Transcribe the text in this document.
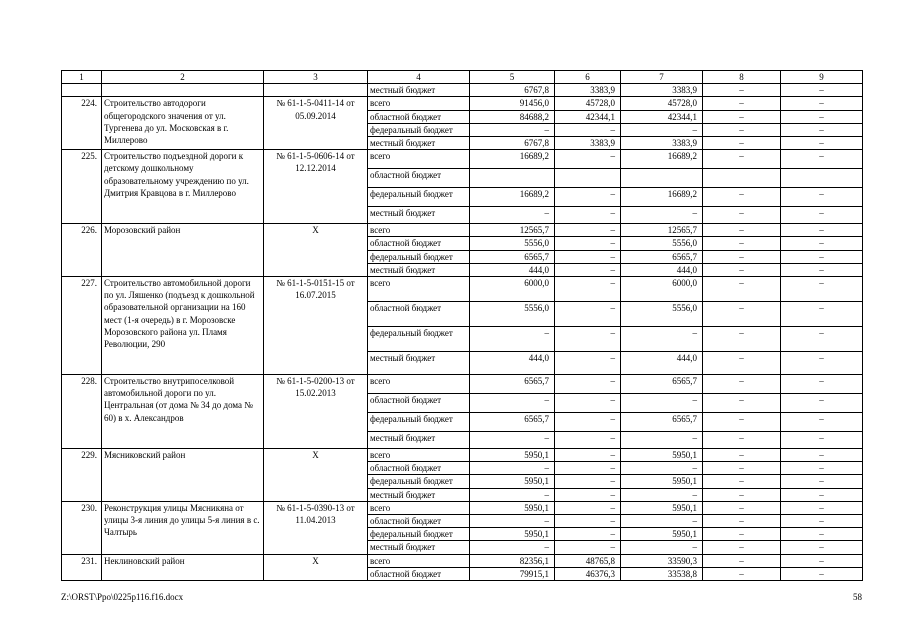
1	2	3	4	5	6	7	8	9
			местный бюджет	6767,8	3383,9	3383,9	–	–
224.	Строительство автодороги общегородского значения от ул. Тургенева до ул. Московская в г. Миллерово	№ 61-1-5-0411-14 от 05.09.2014	всего	91456,0	45728,0	45728,0	–	–
			областной бюджет	84688,2	42344,1	42344,1	–	–
			федеральный бюджет	–	–	–	–	–
			местный бюджет	6767,8	3383,9	3383,9	–	–
225.	Строительство подъездной дороги к детскому дошкольному образовательному учреждению по ул. Дмитрия Кравцова в г. Миллерово	№ 61-1-5-0606-14 от 12.12.2014	всего	16689,2	–	16689,2	–	–
			областной бюджет					
			федеральный бюджет	16689,2	–	16689,2	–	–
			местный бюджет	–	–	–	–	–
226.	Морозовский район	Х	всего	12565,7	–	12565,7	–	–
			областной бюджет	5556,0	–	5556,0	–	–
			федеральный бюджет	6565,7	–	6565,7	–	–
			местный бюджет	444,0	–	444,0	–	–
227.	Строительство автомобильной дороги по ул. Ляшенко (подъезд к дошкольной образовательной организации на 160 мест (1-я очередь) в г. Морозовске Морозовского района ул. Пламя Революции, 290	№ 61-1-5-0151-15 от 16.07.2015	всего	6000,0	–	6000,0	–	–
			областной бюджет	5556,0	–	5556,0	–	–
			федеральный бюджет	–	–	–	–	–
			местный бюджет	444,0	–	444,0	–	–
228.	Строительство внутрипоселковой автомобильной дороги по ул. Центральная (от дома № 34 до дома № 60) в х. Александров	№ 61-1-5-0200-13 от 15.02.2013	всего	6565,7	–	6565,7	–	–
			областной бюджет	–	–	–	–	–
			федеральный бюджет	6565,7	–	6565,7	–	–
			местный бюджет	–	–	–	–	–
229.	Мясниковский район	Х	всего	5950,1	–	5950,1	–	–
			областной бюджет	–	–	–	–	–
			федеральный бюджет	5950,1	–	5950,1	–	–
			местный бюджет	–	–	–	–	–
230.	Реконструкция улицы Мясникяна от улицы 3-я линия до улицы 5-я линия в с. Чалтырь	№ 61-1-5-0390-13 от 11.04.2013	всего	5950,1	–	5950,1	–	–
			областной бюджет	–	–	–	–	–
			федеральный бюджет	5950,1	–	5950,1	–	–
			местный бюджет	–	–	–	–	–
231.	Неклиновский район	Х	всего	82356,1	48765,8	33590,3	–	–
			областной бюджет	79915,1	46376,3	33538,8	–	–
Z:\ORST\Ppo\0225p116.f16.docx	58
